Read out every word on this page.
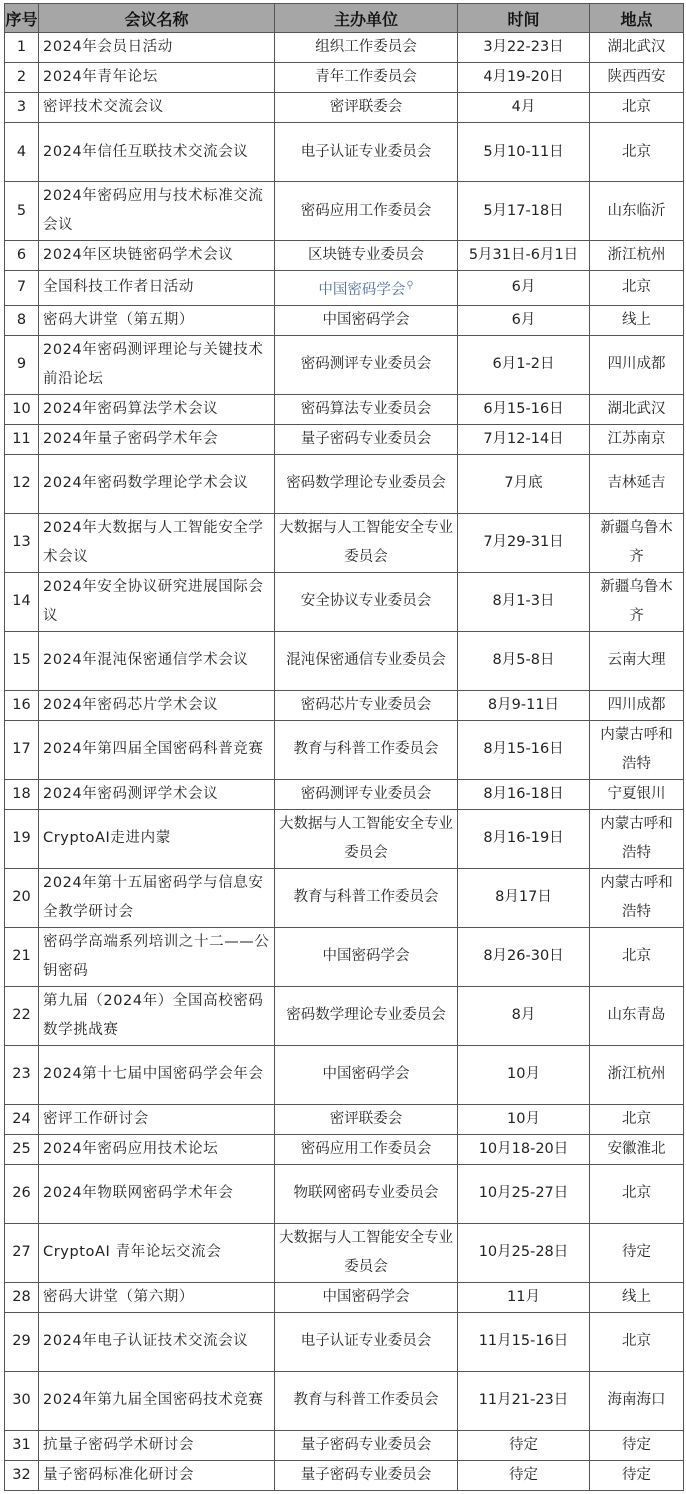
序号	会议名称	主办单位	时间	地点
1	2024年会员日活动	组织工作委员会	3月22-23日	湖北武汉
2	2024年青年论坛	青年工作委员会	4月19-20日	陕西西安
3	密评技术交流会议	密评联委会	4月	北京
4	2024年信任互联技术交流会议	电子认证专业委员会	5月10-11日	北京
5	2024年密码应用与技术标准交流会议	密码应用工作委员会	5月17-18日	山东临沂
6	2024年区块链密码学术会议	区块链专业委员会	5月31日-6月1日	浙江杭州
7	全国科技工作者日活动	中国密码学会⚲	6月	北京
8	密码大讲堂（第五期）	中国密码学会	6月	线上
9	2024年密码测评理论与关键技术前沿论坛	密码测评专业委员会	6月1-2日	四川成都
10	2024年密码算法学术会议	密码算法专业委员会	6月15-16日	湖北武汉
11	2024年量子密码学术年会	量子密码专业委员会	7月12-14日	江苏南京
12	2024年密码数学理论学术会议	密码数学理论专业委员会	7月底	吉林延吉
13	2024年大数据与人工智能安全学术会议	大数据与人工智能安全专业委员会	7月29-31日	新疆乌鲁木齐
14	2024年安全协议研究进展国际会议	安全协议专业委员会	8月1-3日	新疆乌鲁木齐
15	2024年混沌保密通信学术会议	混沌保密通信专业委员会	8月5-8日	云南大理
16	2024年密码芯片学术会议	密码芯片专业委员会	8月9-11日	四川成都
17	2024年第四届全国密码科普竞赛	教育与科普工作委员会	8月15-16日	内蒙古呼和浩特
18	2024年密码测评学术会议	密码测评专业委员会	8月16-18日	宁夏银川
19	CryptoAI走进内蒙	大数据与人工智能安全专业委员会	8月16-19日	内蒙古呼和浩特
20	2024年第十五届密码学与信息安全教学研讨会	教育与科普工作委员会	8月17日	内蒙古呼和浩特
21	密码学高端系列培训之十二——公钥密码	中国密码学会	8月26-30日	北京
22	第九届（2024年）全国高校密码数学挑战赛	密码数学理论专业委员会	8月	山东青岛
23	2024第十七届中国密码学会年会	中国密码学会	10月	浙江杭州
24	密评工作研讨会	密评联委会	10月	北京
25	2024年密码应用技术论坛	密码应用工作委员会	10月18-20日	安徽淮北
26	2024年物联网密码学术年会	物联网密码专业委员会	10月25-27日	北京
27	CryptoAI 青年论坛交流会	大数据与人工智能安全专业委员会	10月25-28日	待定
28	密码大讲堂（第六期）	中国密码学会	11月	线上
29	2024年电子认证技术交流会议	电子认证专业委员会	11月15-16日	北京
30	2024年第九届全国密码技术竞赛	教育与科普工作委员会	11月21-23日	海南海口
31	抗量子密码学术研讨会	量子密码专业委员会	待定	待定
32	量子密码标准化研讨会	量子密码专业委员会	待定	待定
